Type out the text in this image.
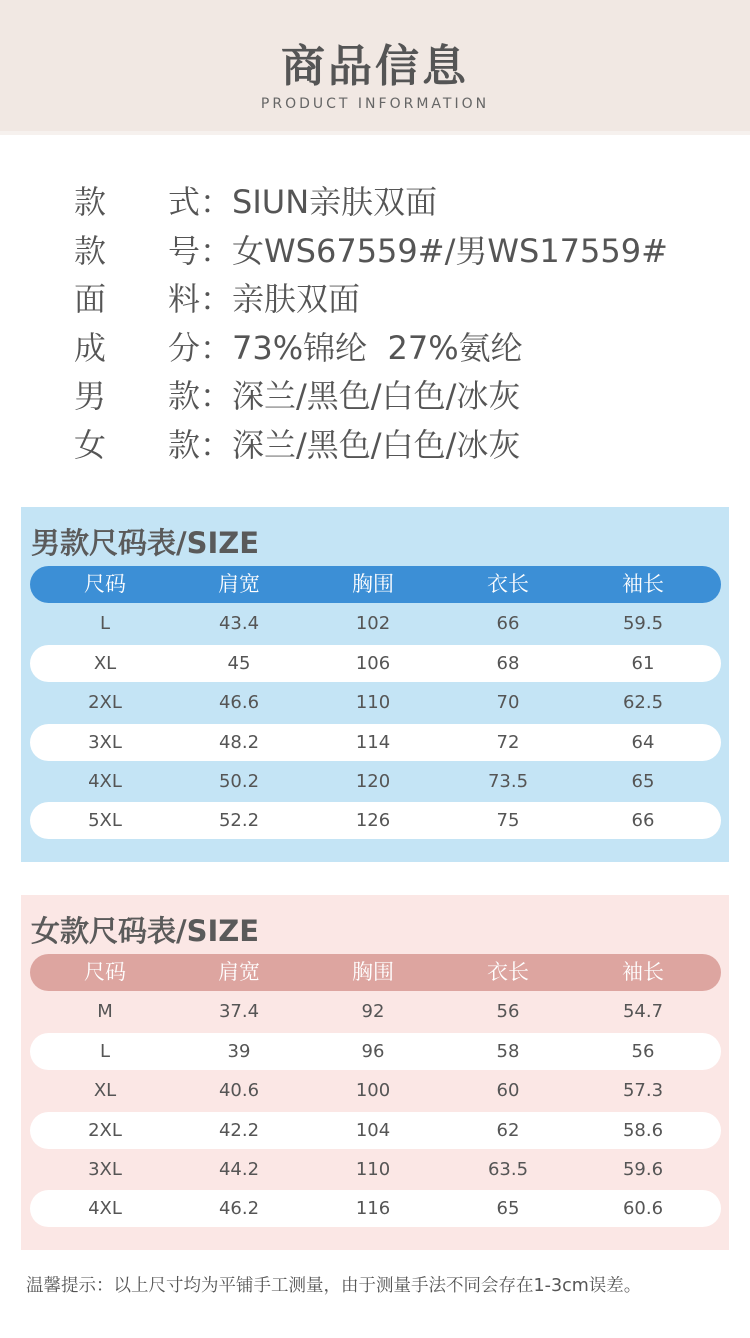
商品信息
PRODUCT INFORMATION
款 式 ： SIUN亲肤双面
款 号 ： 女WS67559#/男WS17559#
面 料 ： 亲肤双面
成 分 ： 73%锦纶  27%氨纶
男 款 ： 深兰/黑色/白色/冰灰
女 款 ： 深兰/黑色/白色/冰灰
男款尺码表/SIZE
尺码	肩宽	胸围	衣长	袖长
L	43.4	102	66	59.5
XL	45	106	68	61
2XL	46.6	110	70	62.5
3XL	48.2	114	72	64
4XL	50.2	120	73.5	65
5XL	52.2	126	75	66
女款尺码表/SIZE
尺码	肩宽	胸围	衣长	袖长
M	37.4	92	56	54.7
L	39	96	58	56
XL	40.6	100	60	57.3
2XL	42.2	104	62	58.6
3XL	44.2	110	63.5	59.6
4XL	46.2	116	65	60.6
温馨提示：以上尺寸均为平铺手工测量，由于测量手法不同会存在1-3cm误差。
